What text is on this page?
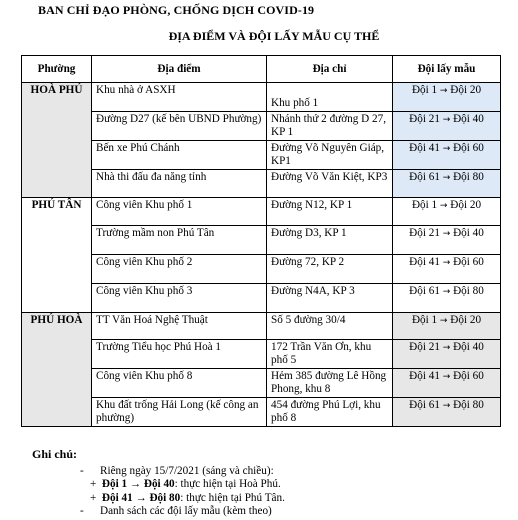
BAN CHỈ ĐẠO PHÒNG, CHỐNG DỊCH COVID-19
ĐỊA ĐIỂM VÀ ĐỘI LẤY MẪU CỤ THỂ
Phường	Địa điểm	Địa chỉ	Đội lấy mẫu
HOÀ PHÚ	Khu nhà ở ASXH	Khu phố 1	Đội 1 → Đội 20
	Đường D27 (kế bên UBND Phường)	Nhánh thứ 2 đường D 27, KP 1	Đội 21 → Đội 40
	Bến xe Phú Chánh	Đường Võ Nguyên Giáp, KP1	Đội 41 → Đội 60
	Nhà thi đấu đa năng tỉnh	Đường Võ Văn Kiệt, KP3	Đội 61 → Đội 80
PHÚ TÂN	Công viên Khu phố 1	Đường N12, KP 1	Đội 1 → Đội 20
	Trường mầm non Phú Tân	Đường D3, KP 1	Đội 21 → Đội 40
	Công viên Khu phố 2	Đường 72, KP 2	Đội 41 → Đội 60
	Công viên Khu phố 3	Đường N4A, KP 3	Đội 61 → Đội 80
PHÚ HOÀ	TT Văn Hoá Nghệ Thuật	Số 5 đường 30/4	Đội 1 → Đội 20
	Trường Tiểu học Phú Hoà 1	172 Trần Văn Ơn, khu phố 5	Đội 21 → Đội 40
	Công viên Khu phố 8	Hẻm 385 đường Lê Hồng Phong, khu 8	Đội 41 → Đội 60
	Khu đất trống Hải Long (kế công an phường)	454 đường Phú Lợi, khu phố 8	Đội 61 → Đội 80
Ghi chú:
- Riêng ngày 15/7/2021 (sáng và chiều):
+ Đội 1 → Đội 40: thực hiện tại Hoà Phú.
+ Đội 41 → Đội 80: thực hiện tại Phú Tân.
- Danh sách các đội lấy mẫu (kèm theo)
